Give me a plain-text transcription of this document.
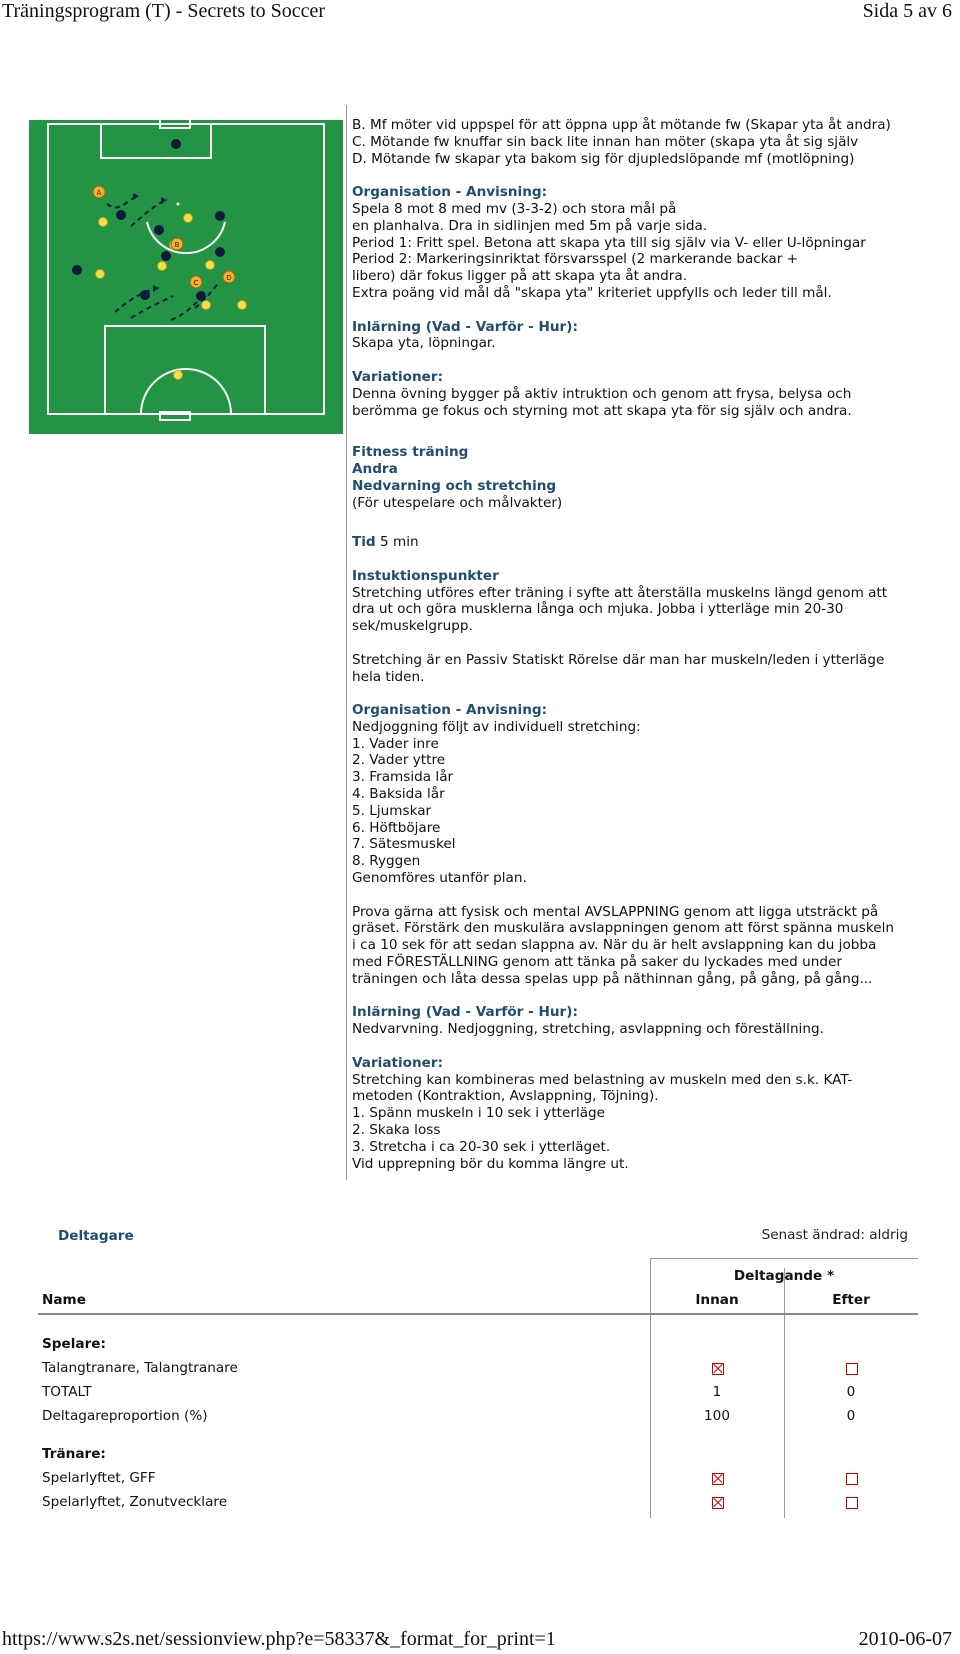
Träningsprogram (T) - Secrets to Soccer	Sida 5 av 6
A
B
C
D

B. Mf möter vid uppspel för att öppna upp åt mötande fw (Skapar yta åt andra)

C. Mötande fw knuffar sin back lite innan han möter (skapa yta åt sig själv

D. Mötande fw skapar yta bakom sig för djupledslöpande mf (motlöpning)

Organisation - Anvisning:

Spela 8 mot 8 med mv (3-3-2) och stora mål på

en planhalva. Dra in sidlinjen med 5m på varje sida.

Period 1: Fritt spel. Betona att skapa yta till sig själv via V- eller U-löpningar

Period 2: Markeringsinriktat försvarsspel (2 markerande backar +

libero) där fokus ligger på att skapa yta åt andra.

Extra poäng vid mål då "skapa yta" kriteriet uppfylls och leder till mål.

Inlärning (Vad - Varför - Hur):

Skapa yta, löpningar.

Variationer:

Denna övning bygger på aktiv intruktion och genom att frysa, belysa och

berömma ge fokus och styrning mot att skapa yta för sig själv och andra.

Fitness träning

Andra

Nedvarning och stretching

(För utespelare och målvakter)

Tid 5 min

Instuktionspunkter

Stretching utföres efter träning i syfte att återställa muskelns längd genom att

dra ut och göra musklerna långa och mjuka. Jobba i ytterläge min 20-30

sek/muskelgrupp.

Stretching är en Passiv Statiskt Rörelse där man har muskeln/leden i ytterläge

hela tiden.

Organisation - Anvisning:

Nedjoggning följt av individuell stretching:

1. Vader inre

2. Vader yttre

3. Framsida lår

4. Baksida lår

5. Ljumskar

6. Höftböjare

7. Sätesmuskel

8. Ryggen

Genomföres utanför plan.

Prova gärna att fysisk och mental AVSLAPPNING genom att ligga utsträckt på

gräset. Förstärk den muskulära avslappningen genom att först spänna muskeln

i ca 10 sek för att sedan slappna av. När du är helt avslappning kan du jobba

med FÖRESTÄLLNING genom att tänka på saker du lyckades med under

träningen och låta dessa spelas upp på näthinnan gång, på gång, på gång...

Inlärning (Vad - Varför - Hur):

Nedvarvning. Nedjoggning, stretching, asvlappning och föreställning.

Variationer:

Stretching kan kombineras med belastning av muskeln med den s.k. KAT-

metoden (Kontraktion, Avslappning, Töjning).

1. Spänn muskeln i 10 sek i ytterläge

2. Skaka loss

3. Stretcha i ca 20-30 sek i ytterläget.

Vid upprepning bör du komma längre ut.

Deltagare	Senast ändrad: aldrig
Deltagande *
Name	Innan	Efter
Spelare:
Talangtranare, Talangtranare
TOTALT	1	0
Deltagareproportion (%)	100	0
Tränare:
Spelarlyftet, GFF
Spelarlyftet, Zonutvecklare
https://www.s2s.net/sessionview.php?e=58337&_format_for_print=1	2010-06-07
